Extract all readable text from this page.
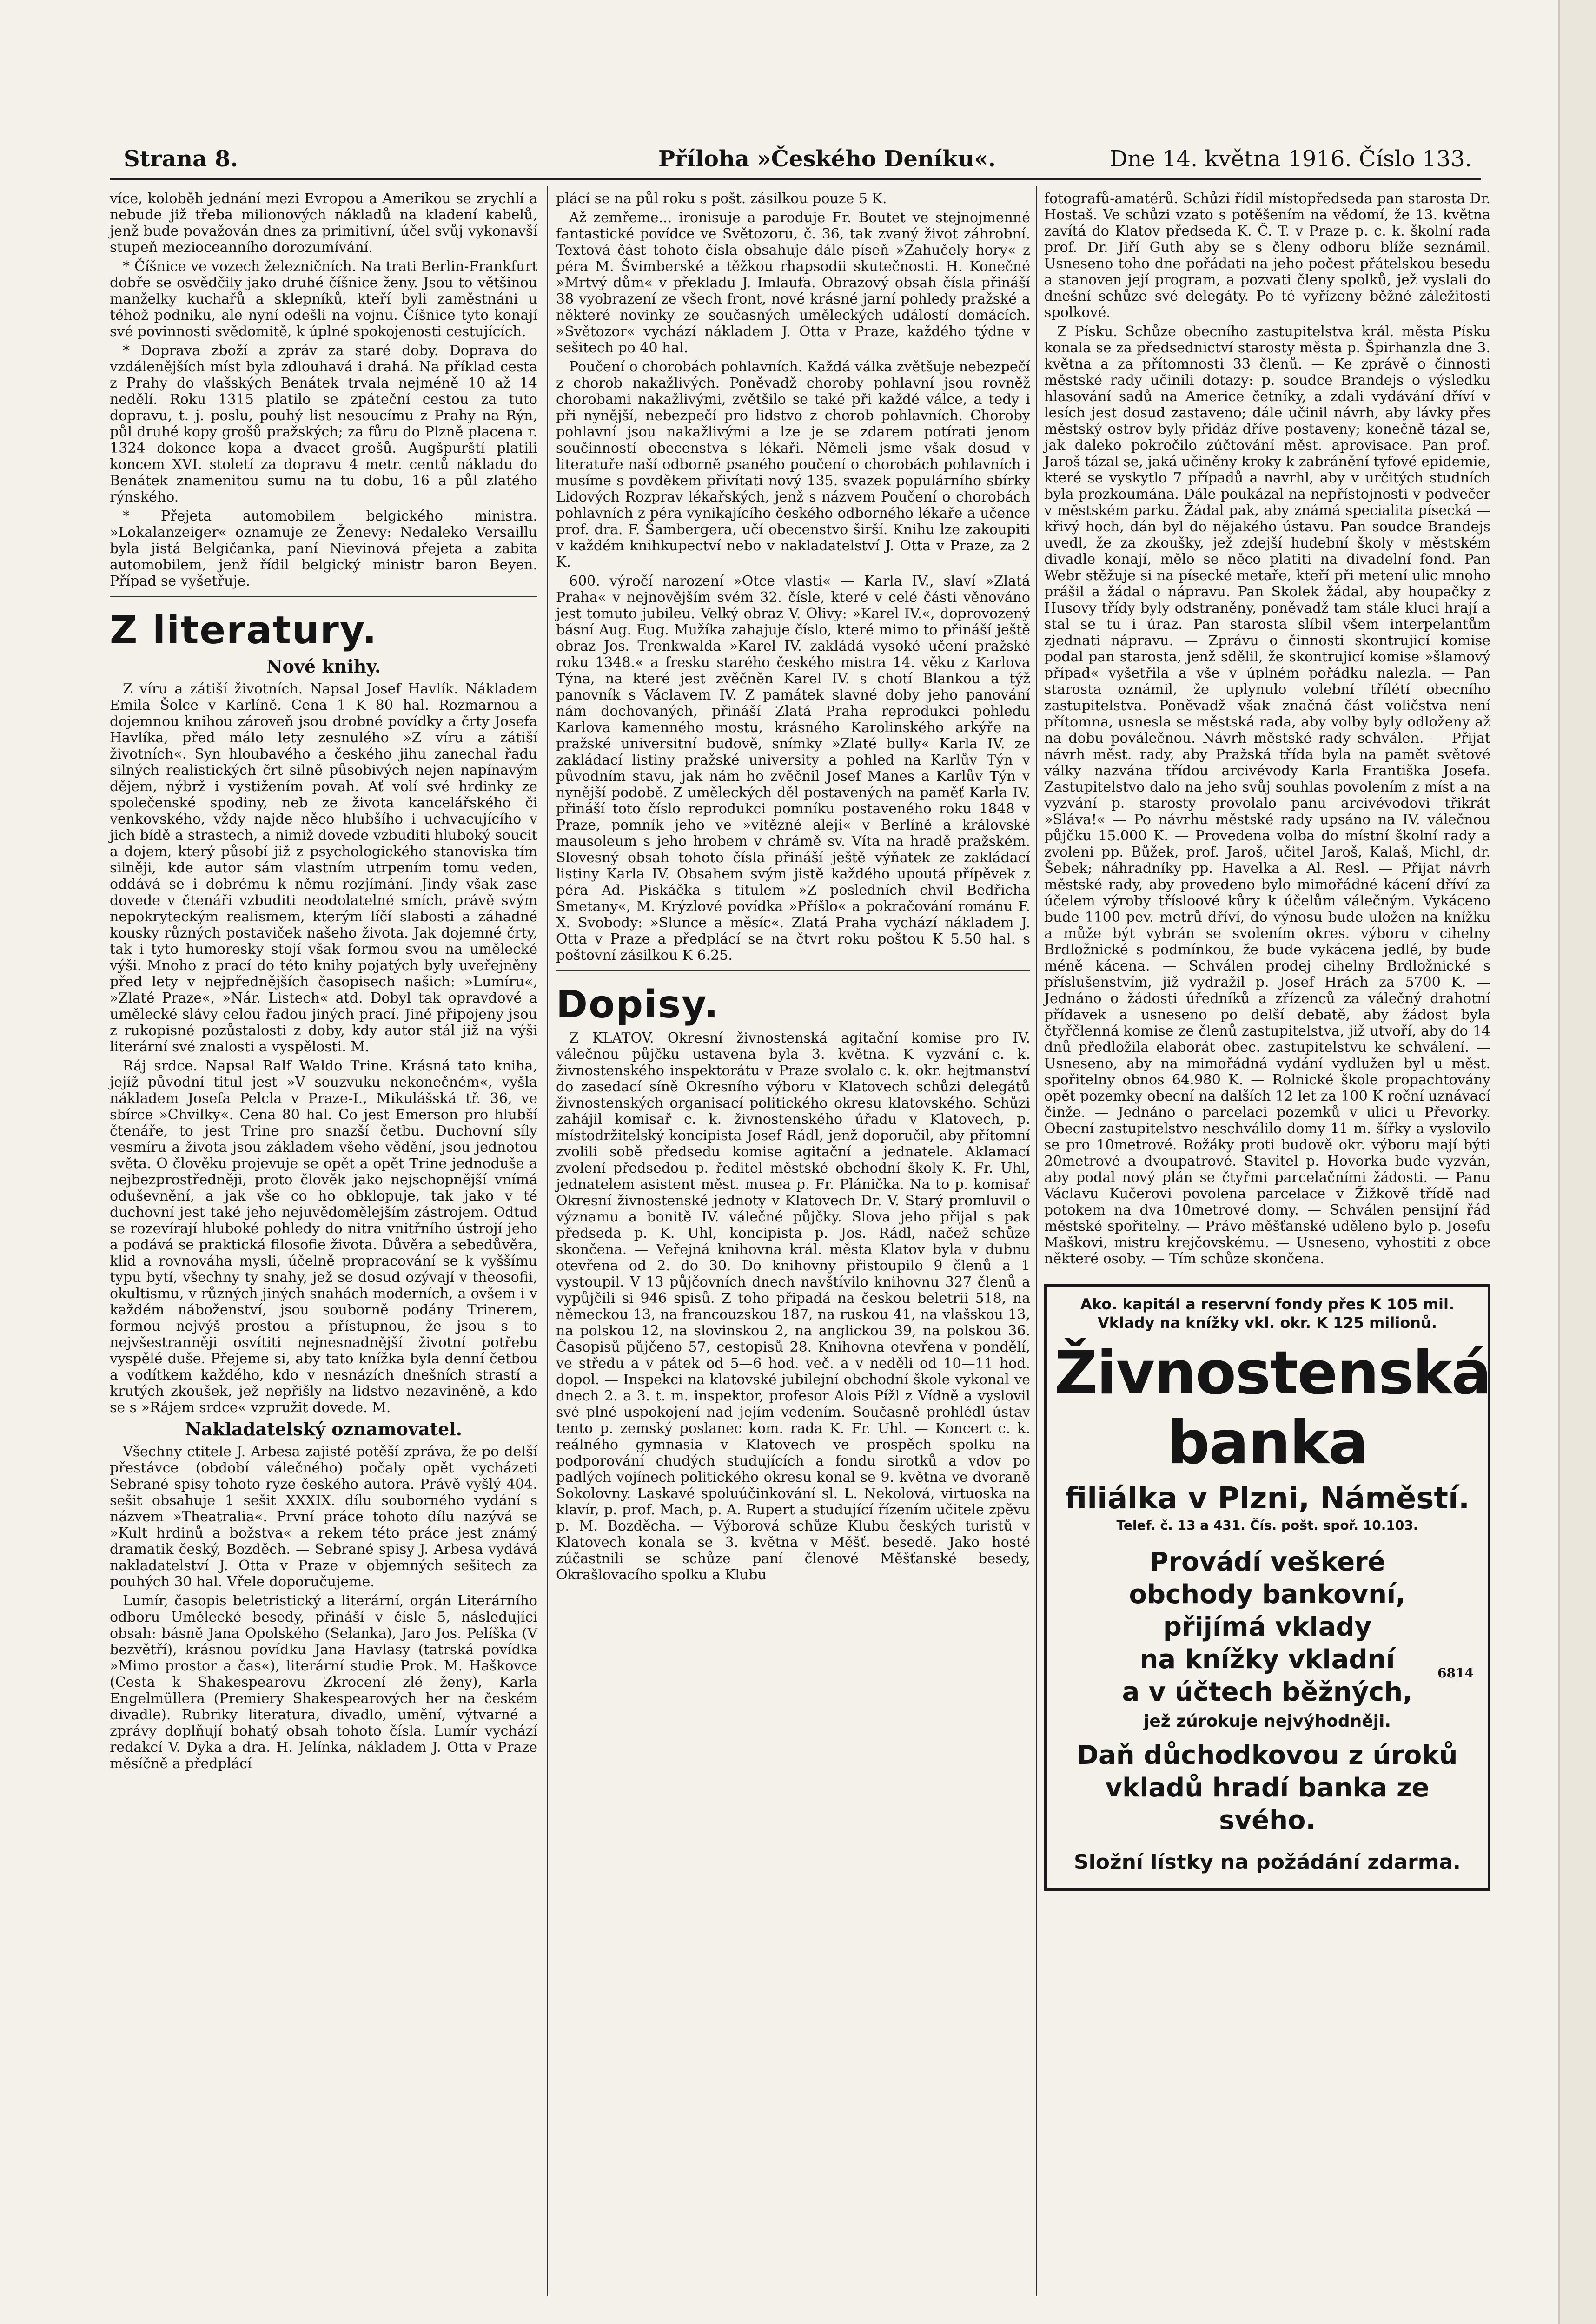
Strana 8.	Příloha »Českého Deníku«.	Dne 14. května 1916. Číslo 133.

více, koloběh jednání mezi Evropou a Amerikou se zrychlí a nebude již třeba milionových nákladů na kladení kabelů, jenž bude považován dnes za primitivní, účel svůj vykonavší stupeň mezioceanního dorozumívání.

* Číšnice ve vozech železničních. Na trati Berlin-Frankfurt dobře se osvědčily jako druhé číšnice ženy. Jsou to většinou manželky kuchařů a sklepníků, kteří byli zaměstnáni u téhož podniku, ale nyní odešli na vojnu. Číšnice tyto konají své povinnosti svědomitě, k úplné spokojenosti cestujících.

* Doprava zboží a zpráv za staré doby. Doprava do vzdálenějších míst byla zdlouhavá i drahá. Na příklad cesta z Prahy do vlašských Benátek trvala nejméně 10 až 14 nedělí. Roku 1315 platilo se zpáteční cestou za tuto dopravu, t. j. poslu, pouhý list nesoucímu z Prahy na Rýn, půl druhé kopy grošů pražských; za fůru do Plzně placena r. 1324 dokonce kopa a dvacet grošů. Augšpurští platili koncem XVI. století za dopravu 4 metr. centů nákladu do Benátek znamenitou sumu na tu dobu, 16 a půl zlatého rýnského.

* Přejeta automobilem belgického ministra. »Lokalanzeiger« oznamuje ze Ženevy: Nedaleko Versaillu byla jistá Belgičanka, paní Nievinová přejeta a zabita automobilem, jenž řídil belgický ministr baron Beyen. Případ se vyšetřuje.

Z literatury.
Nové knihy.

Z víru a zátiší životních. Napsal Josef Havlík. Nákladem Emila Šolce v Karlíně. Cena 1 K 80 hal. Rozmarnou a dojemnou knihou zároveň jsou drobné povídky a črty Josefa Havlíka, před málo lety zesnulého »Z víru a zátiší životních«. Syn hloubavého a českého jihu zanechal řadu silných realistických črt silně působivých nejen napínavým dějem, nýbrž i vystižením povah. Ať volí své hrdinky ze společenské spodiny, neb ze života kancelářského či venkovského, vždy najde něco hlubšího i uchvacujícího v jich bídě a strastech, a nimiž dovede vzbuditi hluboký soucit a dojem, který působí již z psychologického stanoviska tím silněji, kde autor sám vlastním utrpením tomu veden, oddává se i dobrému k němu rozjímání. Jindy však zase dovede v čtenáři vzbuditi neodolatelné smích, právě svým nepokryteckým realismem, kterým líčí slabosti a záhadné kousky různých postaviček našeho života. Jak dojemné črty, tak i tyto humoresky stojí však formou svou na umělecké výši. Mnoho z prací do této knihy pojatých byly uveřejněny před lety v nejpřednějších časopisech našich: »Lumíru«, »Zlaté Praze«, »Nár. Listech« atd. Dobyl tak opravdové a umělecké slávy celou řadou jiných prací. Jiné připojeny jsou z rukopisné pozůstalosti z doby, kdy autor stál již na výši literární své znalosti a vyspělosti. M.

Ráj srdce. Napsal Ralf Waldo Trine. Krásná tato kniha, jejíž původní titul jest »V souzvuku nekonečném«, vyšla nákladem Josefa Pelcla v Praze-I., Mikulášská tř. 36, ve sbírce »Chvilky«. Cena 80 hal. Co jest Emerson pro hlubší čtenáře, to jest Trine pro snazší četbu. Duchovní síly vesmíru a života jsou základem všeho vědění, jsou jednotou světa. O člověku projevuje se opět a opět Trine jednoduše a nejbezprostředněji, proto člověk jako nejschopnější vnímá oduševnění, a jak vše co ho obklopuje, tak jako v té duchovní jest také jeho nejuvědomělejším zástrojem. Odtud se rozevírají hluboké pohledy do nitra vnitřního ústrojí jeho a podává se praktická filosofie života. Důvěra a sebedůvěra, klid a rovnováha mysli, účelně propracování se k vyššímu typu bytí, všechny ty snahy, jež se dosud ozývají v theosofii, okultismu, v různých jiných snahách moderních, a ovšem i v každém náboženství, jsou souborně podány Trinerem, formou nejvýš prostou a přístupnou, že jsou s to nejvšestranněji osvítiti nejnesnadnější životní potřebu vyspělé duše. Přejeme si, aby tato knížka byla denní četbou a vodítkem každého, kdo v nesnázích dnešních strastí a krutých zkoušek, jež nepřišly na lidstvo nezaviněně, a kdo se s »Rájem srdce« vzpružit dovede. M.

Nakladatelský oznamovatel.

Všechny ctitele J. Arbesa zajisté potěší zpráva, že po delší přestávce (období válečného) počaly opět vycházeti Sebrané spisy tohoto ryze českého autora. Právě vyšlý 404. sešit obsahuje 1 sešit XXXIX. dílu souborného vydání s názvem »Theatralia«. První práce tohoto dílu nazývá se »Kult hrdinů a božstva« a rekem této práce jest známý dramatik český, Bozděch. — Sebrané spisy J. Arbesa vydává nakladatelství J. Otta v Praze v objemných sešitech za pouhých 30 hal. Vřele doporučujeme.

Lumír, časopis beletristický a literární, orgán Literárního odboru Umělecké besedy, přináší v čísle 5, následující obsah: básně Jana Opolského (Selanka), Jaro Jos. Pelíška (V bezvětří), krásnou povídku Jana Havlasy (tatrská povídka »Mimo prostor a čas«), literární studie Prok. M. Haškovce (Cesta k Shakespearovu Zkrocení zlé ženy), Karla Engelmüllera (Premiery Shakespearových her na českém divadle). Rubriky literatura, divadlo, umění, výtvarné a zprávy doplňují bohatý obsah tohoto čísla. Lumír vychází redakcí V. Dyka a dra. H. Jelínka, nákladem J. Otta v Praze měsíčně a předplácí

plácí se na půl roku s pošt. zásilkou pouze 5 K.

Až zemřeme... ironisuje a paroduje Fr. Boutet ve stejnojmenné fantastické povídce ve Světozoru, č. 36, tak zvaný život záhrobní. Textová část tohoto čísla obsahuje dále píseň »Zahučely hory« z péra M. Švimberské a těžkou rhapsodii skutečnosti. H. Konečné »Mrtvý dům« v překladu J. Imlaufa. Obrazový obsah čísla přináší 38 vyobrazení ze všech front, nové krásné jarní pohledy pražské a některé novinky ze současných uměleckých událostí domácích. »Světozor« vychází nákladem J. Otta v Praze, každého týdne v sešitech po 40 hal.

Poučení o chorobách pohlavních. Každá válka zvětšuje nebezpečí z chorob nakažlivých. Poněvadž choroby pohlavní jsou rovněž chorobami nakažlivými, zvětšilo se také při každé válce, a tedy i při nynější, nebezpečí pro lidstvo z chorob pohlavních. Choroby pohlavní jsou nakažlivými a lze je se zdarem potírati jenom součinností obecenstva s lékaři. Němeli jsme však dosud v literatuře naší odborně psaného poučení o chorobách pohlavních i musíme s povděkem přivítati nový 135. svazek populárního sbírky Lidových Rozprav lékařských, jenž s názvem Poučení o chorobách pohlavních z péra vynikajícího českého odborného lékaře a učence prof. dra. F. Šambergera, učí obecenstvo širší. Knihu lze zakoupiti v každém knihkupectví nebo v nakladatelství J. Otta v Praze, za 2 K.

600. výročí narození »Otce vlasti« — Karla IV., slaví »Zlatá Praha« v nejnovějším svém 32. čísle, které v celé části věnováno jest tomuto jubileu. Velký obraz V. Olivy: »Karel IV.«, doprovozený básní Aug. Eug. Mužíka zahajuje číslo, které mimo to přináší ještě obraz Jos. Trenkwalda »Karel IV. zakládá vysoké učení pražské roku 1348.« a fresku starého českého mistra 14. věku z Karlova Týna, na které jest zvěčněn Karel IV. s chotí Blankou a týž panovník s Václavem IV. Z památek slavné doby jeho panování nám dochovaných, přináší Zlatá Praha reprodukci pohledu Karlova kamenného mostu, krásného Karolinského arkýře na pražské universitní budově, snímky »Zlaté bully« Karla IV. ze zakládací listiny pražské university a pohled na Karlův Týn v původním stavu, jak nám ho zvěčnil Josef Manes a Karlův Týn v nynější podobě. Z uměleckých děl postavených na paměť Karla IV. přináší toto číslo reprodukci pomníku postaveného roku 1848 v Praze, pomník jeho ve »vítězné aleji« v Berlíně a královské mausoleum s jeho hrobem v chrámě sv. Víta na hradě pražském. Slovesný obsah tohoto čísla přináší ještě výňatek ze zakládací listiny Karla IV. Obsahem svým jistě každého upoutá přípěvek z péra Ad. Piskáčka s titulem »Z posledních chvil Bedřicha Smetany«, M. Krýzlové povídka »Příšlo« a pokračování románu F. X. Svobody: »Slunce a měsíc«. Zlatá Praha vychází nákladem J. Otta v Praze a předplácí se na čtvrt roku poštou K 5.50 hal. s poštovní zásilkou K 6.25.

Dopisy.

Z KLATOV. Okresní živnostenská agitační komise pro IV. válečnou půjčku ustavena byla 3. května. K vyzvání c. k. živnostenského inspektorátu v Praze svolalo c. k. okr. hejtmanství do zasedací síně Okresního výboru v Klatovech schůzi delegátů živnostenských organisací politického okresu klatovského. Schůzi zahájil komisař c. k. živnostenského úřadu v Klatovech, p. místodržitelský koncipista Josef Rádl, jenž doporučil, aby přítomní zvolili sobě předsedu komise agitační a jednatele. Aklamací zvolení předsedou p. ředitel městské obchodní školy K. Fr. Uhl, jednatelem asistent měst. musea p. Fr. Plánička. Na to p. komisař Okresní živnostenské jednoty v Klatovech Dr. V. Starý promluvil o významu a bonitě IV. válečné půjčky. Slova jeho přijal s pak předseda p. K. Uhl, koncipista p. Jos. Rádl, načež schůze skončena. — Veřejná knihovna král. města Klatov byla v dubnu otevřena od 2. do 30. Do knihovny přistoupilo 9 členů a 1 vystoupil. V 13 půjčovních dnech navštívilo knihovnu 327 členů a vypůjčili si 946 spisů. Z toho připadá na českou beletrii 518, na německou 13, na francouzskou 187, na ruskou 41, na vlašskou 13, na polskou 12, na slovinskou 2, na anglickou 39, na polskou 36. Časopisů půjčeno 57, cestopisů 28. Knihovna otevřena v pondělí, ve středu a v pátek od 5—6 hod. več. a v neděli od 10—11 hod. dopol. — Inspekci na klatovské jubilejní obchodní škole vykonal ve dnech 2. a 3. t. m. inspektor, profesor Alois Pížl z Vídně a vyslovil své plné uspokojení nad jejím vedením. Současně prohlédl ústav tento p. zemský poslanec kom. rada K. Fr. Uhl. — Koncert c. k. reálného gymnasia v Klatovech ve prospěch spolku na podporování chudých studujících a fondu sirotků a vdov po padlých vojínech politického okresu konal se 9. května ve dvoraně Sokolovny. Laskavé spoluúčinkování sl. L. Nekolová, virtuoska na klavír, p. prof. Mach, p. A. Rupert a studující řízením učitele zpěvu p. M. Bozděcha. — Výborová schůze Klubu českých turistů v Klatovech konala se 3. května v Měšť. besedě. Jako hosté zúčastnili se schůze paní členové Měšťanské besedy, Okrašlovacího spolku a Klubu

fotografů-amatérů. Schůzi řídil místopředseda pan starosta Dr. Hostaš. Ve schůzi vzato s potěšením na vědomí, že 13. května zavítá do Klatov předseda K. Č. T. v Praze p. c. k. školní rada prof. Dr. Jiří Guth aby se s členy odboru blíže seznámil. Usneseno toho dne pořádati na jeho počest přátelskou besedu a stanoven její program, a pozvati členy spolků, jež vyslali do dnešní schůze své delegáty. Po té vyřízeny běžné záležitosti spolkové.

Z Písku. Schůze obecního zastupitelstva král. města Písku konala se za předsednictví starosty města p. Špirhanzla dne 3. května a za přítomnosti 33 členů. — Ke zprávě o činnosti městské rady učinili dotazy: p. soudce Brandejs o výsledku hlasování sadů na Americe četníky, a zdali vydávání dříví v lesích jest dosud zastaveno; dále učinil návrh, aby lávky přes městský ostrov byly přidáz dříve postaveny; konečně tázal se, jak daleko pokročilo zúčtování měst. aprovisace. Pan prof. Jaroš tázal se, jaká učiněny kroky k zabránění tyfové epidemie, které se vyskytlo 7 případů a navrhl, aby v určitých studních byla prozkoumána. Dále poukázal na nepřístojnosti v podvečer v městském parku. Žádal pak, aby známá specialita písecká — křivý hoch, dán byl do nějakého ústavu. Pan soudce Brandejs uvedl, že za zkoušky, jež zdejší hudební školy v městském divadle konají, mělo se něco platiti na divadelní fond. Pan Webr stěžuje si na písecké metaře, kteří při metení ulic mnoho prášil a žádal o nápravu. Pan Skolek žádal, aby houpačky z Husovy třídy byly odstraněny, poněvadž tam stále kluci hrají a stal se tu i úraz. Pan starosta slíbil všem interpelantům zjednati nápravu. — Zprávu o činnosti skontrujicí komise podal pan starosta, jenž sdělil, že skontrujicí komise »šlamový případ« vyšetřila a vše v úplném pořádku nalezla. — Pan starosta oznámil, že uplynulo volební třílétí obecního zastupitelstva. Poněvadž však značná část voličstva není přítomna, usnesla se městská rada, aby volby byly odloženy až na dobu poválečnou. Návrh městské rady schválen. — Přijat návrh měst. rady, aby Pražská třída byla na pamět světové války nazvána třídou arcivévody Karla Františka Josefa. Zastupitelstvo dalo na jeho svůj souhlas povolením z míst a na vyzvání p. starosty provolalo panu arcivévodovi třikrát »Sláva!« — Po návrhu městské rady upsáno na IV. válečnou půjčku 15.000 K. — Provedena volba do místní školní rady a zvoleni pp. Bůžek, prof. Jaroš, učitel Jaroš, Kalaš, Michl, dr. Šebek; náhradníky pp. Havelka a Al. Resl. — Přijat návrh městské rady, aby provedeno bylo mimořádné kácení dříví za účelem výroby třísloové kůry k účelům válečným. Vykáceno bude 1100 pev. metrů dříví, do výnosu bude uložen na knížku a může být vybrán se svolením okres. výboru v cihelny Brdložnické s podmínkou, že bude vykácena jedlé, by bude méně kácena. — Schválen prodej cihelny Brdložnické s příslušenstvím, již vydražil p. Josef Hrách za 5700 K. — Jednáno o žádosti úředníků a zřízenců za válečný drahotní přídavek a usneseno po delší debatě, aby žádost byla čtyřčlenná komise ze členů zastupitelstva, již utvoří, aby do 14 dnů předložila elaborát obec. zastupitelstvu ke schválení. — Usneseno, aby na mimořádná vydání vydlužen byl u měst. spořitelny obnos 64.980 K. — Rolnické škole propachtovány opět pozemky obecní na dalších 12 let za 100 K roční uznávací činže. — Jednáno o parcelaci pozemků v ulici u Převorky. Obecní zastupitelstvo neschválilo domy 11 m. šířky a vyslovilo se pro 10metrové. Rožáky proti budově okr. výboru mají býti 20metrové a dvoupatrové. Stavitel p. Hovorka bude vyzván, aby podal nový plán se čtyřmi parcelačními žádosti. — Panu Václavu Kučerovi povolena parcelace v Žižkově třídě nad potokem na dva 10metrové domy. — Schválen pensijní řád městské spořitelny. — Právo měšťanské uděleno bylo p. Josefu Maškovi, mistru krejčovskému. — Usneseno, vyhostiti z obce některé osoby. — Tím schůze skončena.

Ako. kapitál a reservní fondy přes K 105 mil.
Vklady na knížky vkl. okr. K 125 milionů.
Živnostenská banka
filiálka v Plzni, Náměstí.
Telef. č. 13 a 431. Čís. pošt. spoř. 10.103.
Provádí veškeré
obchody bankovní,
přijímá vklady
na knížky vkladní
a v účtech běžných,
jež zúrokuje nejvýhodněji.
Daň důchodkovou z úroků
vkladů hradí banka ze svého.
Složní lístky na požádání zdarma.
6814
